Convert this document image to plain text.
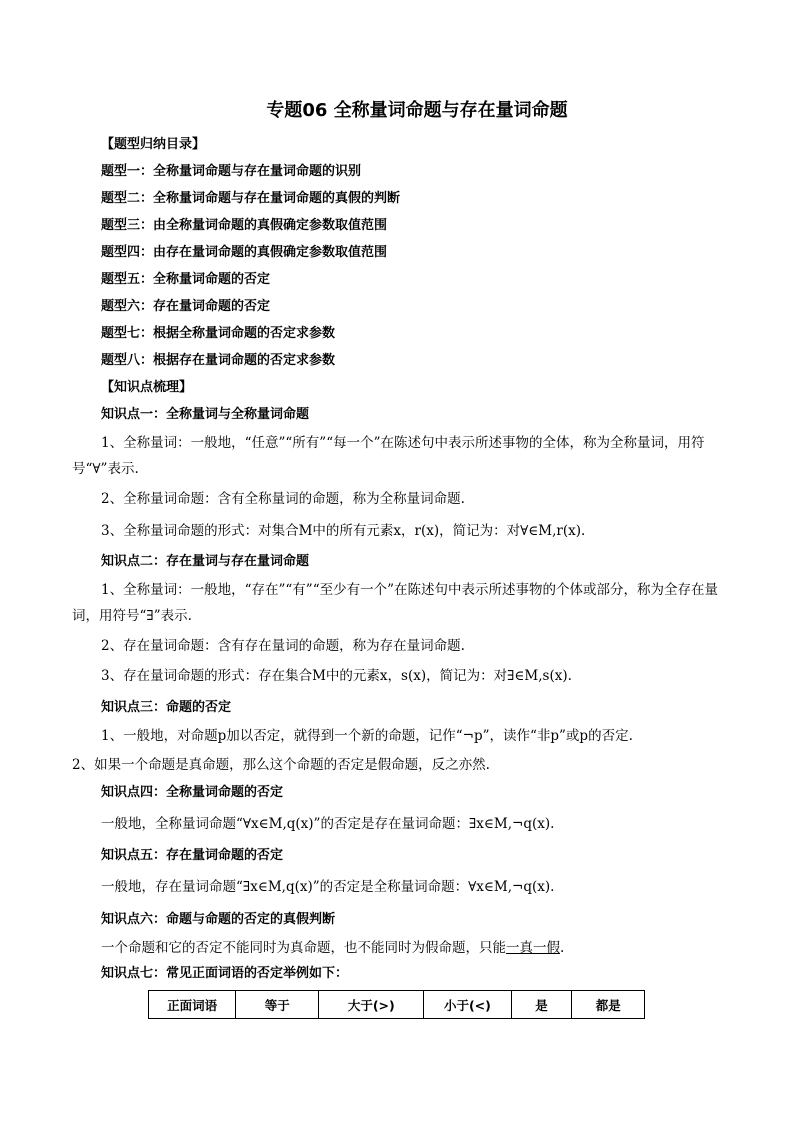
专题06 全称量词命题与存在量词命题
【题型归纳目录】
题型一：全称量词命题与存在量词命题的识别
题型二：全称量词命题与存在量词命题的真假的判断
题型三：由全称量词命题的真假确定参数取值范围
题型四：由存在量词命题的真假确定参数取值范围
题型五：全称量词命题的否定
题型六：存在量词命题的否定
题型七：根据全称量词命题的否定求参数
题型八：根据存在量词命题的否定求参数
【知识点梳理】
知识点一：全称量词与全称量词命题
1、全称量词：一般地，“任意”“所有”“每一个”在陈述句中表示所述事物的全体，称为全称量词，用符号“∀”表示.
2、全称量词命题：含有全称量词的命题，称为全称量词命题.
3、全称量词命题的形式：对集合M中的所有元素x，r(x)，简记为：对∀∈M,r(x).
知识点二：存在量词与存在量词命题
1、全称量词：一般地，“存在”“有”“至少有一个”在陈述句中表示所述事物的个体或部分，称为全存在量词，用符号“∃”表示.
2、存在量词命题：含有存在量词的命题，称为存在量词命题.
3、存在量词命题的形式：存在集合M中的元素x，s(x)，简记为：对∃∈M,s(x).
知识点三：命题的否定
1、一般地，对命题p加以否定，就得到一个新的命题，记作“¬p”，读作“非p”或p的否定.
2、如果一个命题是真命题，那么这个命题的否定是假命题，反之亦然.
知识点四：全称量词命题的否定
一般地，全称量词命题“∀x∈M,q(x)”的否定是存在量词命题：∃x∈M,¬q(x).
知识点五：存在量词命题的否定
一般地，存在量词命题“∃x∈M,q(x)”的否定是全称量词命题：∀x∈M,¬q(x).
知识点六：命题与命题的否定的真假判断
一个命题和它的否定不能同时为真命题，也不能同时为假命题，只能一真一假.
知识点七：常见正面词语的否定举例如下：
正面词语	等于	大于(>)	小于(<)	是	都是
